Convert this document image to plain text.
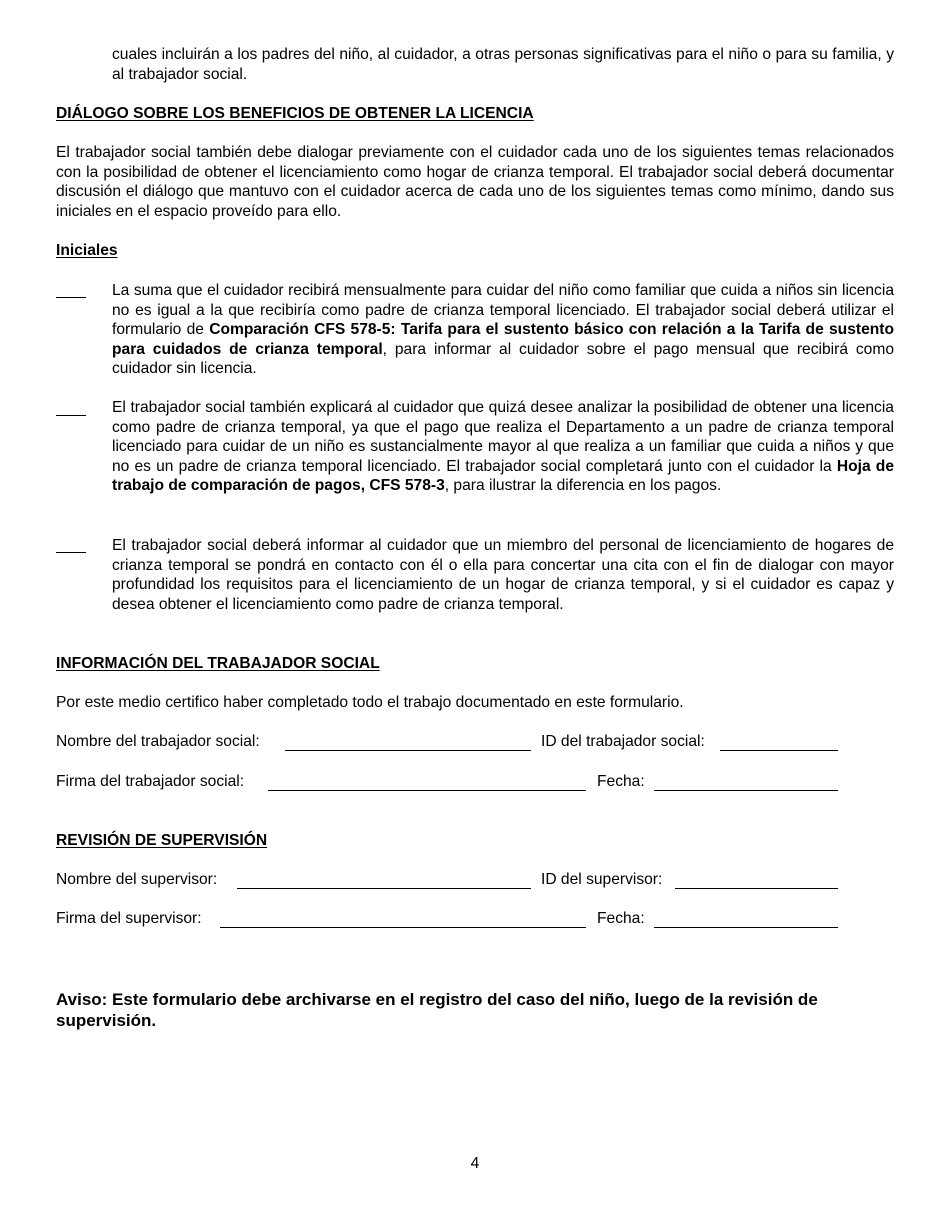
cuales incluirán a los padres del niño, al cuidador, a otras personas significativas para el niño o para su familia, y al trabajador social.
DIÁLOGO SOBRE LOS BENEFICIOS DE OBTENER LA LICENCIA
El trabajador social también debe dialogar previamente con el cuidador cada uno de los siguientes temas relacionados con la posibilidad de obtener el licenciamiento como hogar de crianza temporal. El trabajador social deberá documentar discusión el diálogo que mantuvo con el cuidador acerca de cada uno de los siguientes temas como mínimo, dando sus iniciales en el espacio proveído para ello.
Iniciales
La suma que el cuidador recibirá mensualmente para cuidar del niño como familiar que cuida a niños sin licencia no es igual a la que recibiría como padre de crianza temporal licenciado. El trabajador social deberá utilizar el formulario de Comparación CFS 578-5: Tarifa para el sustento básico con relación a la Tarifa de sustento para cuidados de crianza temporal, para informar al cuidador sobre el pago mensual que recibirá como cuidador sin licencia.
El trabajador social también explicará al cuidador que quizá desee analizar la posibilidad de obtener una licencia como padre de crianza temporal, ya que el pago que realiza el Departamento a un padre de crianza temporal licenciado para cuidar de un niño es sustancialmente mayor al que realiza a un familiar que cuida a niños y que no es un padre de crianza temporal licenciado. El trabajador social completará junto con el cuidador la Hoja de trabajo de comparación de pagos, CFS 578-3, para ilustrar la diferencia en los pagos.
El trabajador social deberá informar al cuidador que un miembro del personal de licenciamiento de hogares de crianza temporal se pondrá en contacto con él o ella para concertar una cita con el fin de dialogar con mayor profundidad los requisitos para el licenciamiento de un hogar de crianza temporal, y si el cuidador es capaz y desea obtener el licenciamiento como padre de crianza temporal.
INFORMACIÓN DEL TRABAJADOR SOCIAL
Por este medio certifico haber completado todo el trabajo documentado en este formulario.
Nombre del trabajador social:	ID del trabajador social:
Firma del trabajador social:	Fecha:
REVISIÓN DE SUPERVISIÓN
Nombre del supervisor:	ID del supervisor:
Firma del supervisor:	Fecha:
Aviso: Este formulario debe archivarse en el registro del caso del niño, luego de la revisión de supervisión.
4
